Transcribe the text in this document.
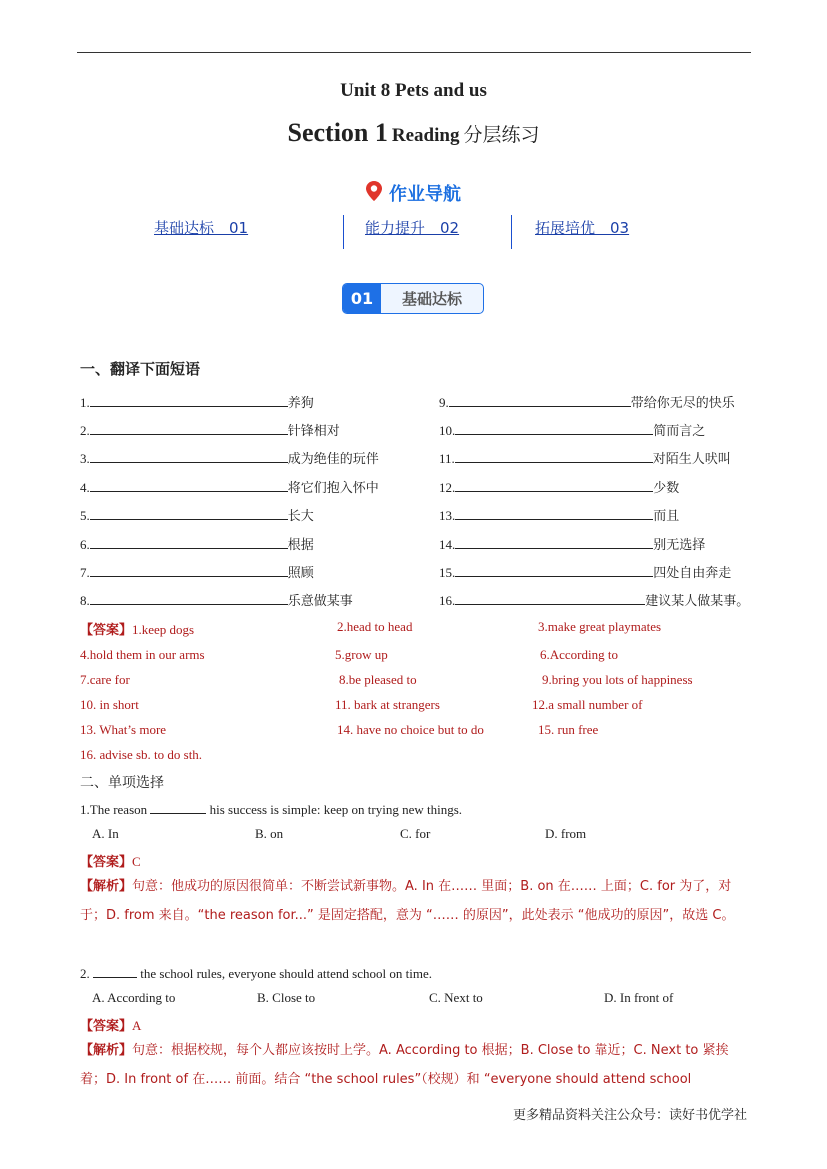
Unit 8 Pets and us
Section 1 Reading 分层练习
作业导航
基础达标　01	能力提升　02	拓展培优　03
01	基础达标
一、翻译下面短语
1.	养狗
2.	针锋相对
3.	成为绝佳的玩伴
4.	将它们抱入怀中
5.	长大
6.	根据
7.	照顾
8.	乐意做某事
9.	带给你无尽的快乐
10.	简而言之
11.	对陌生人吠叫
12.	少数
13.	而且
14.	别无选择
15.	四处自由奔走
16.	建议某人做某事。
【答案】1.keep dogs	2.head to head	3.make great playmates
4.hold them in our arms	5.grow up	6.According to
7.care for	8.be pleased to	9.bring you lots of happiness
10. in short	11. bark at strangers	12.a small number of
13. What’s more	14. have no choice but to do	15. run free
16. advise sb. to do sth.
二、单项选择
1.The reason	his success is simple: keep on trying new things.
A. In	B. on	C. for	D. from
【答案】C
【解析】句意：他成功的原因很简单：不断尝试新事物。A. In 在…… 里面；B. on 在…… 上面；C. for 为了，对于；D. from 来自。“the reason for...” 是固定搭配，意为 “…… 的原因”，此处表示 “他成功的原因”，故选 C。
2.	the school rules, everyone should attend school on time.
A. According to	B. Close to	C. Next to	D. In front of
【答案】A
【解析】句意：根据校规，每个人都应该按时上学。A. According to 根据；B. Close to 靠近；C. Next to 紧挨着；D. In front of 在…… 前面。结合 “the school rules”（校规）和 “everyone should attend school
更多精品资料关注公众号：读好书优学社
